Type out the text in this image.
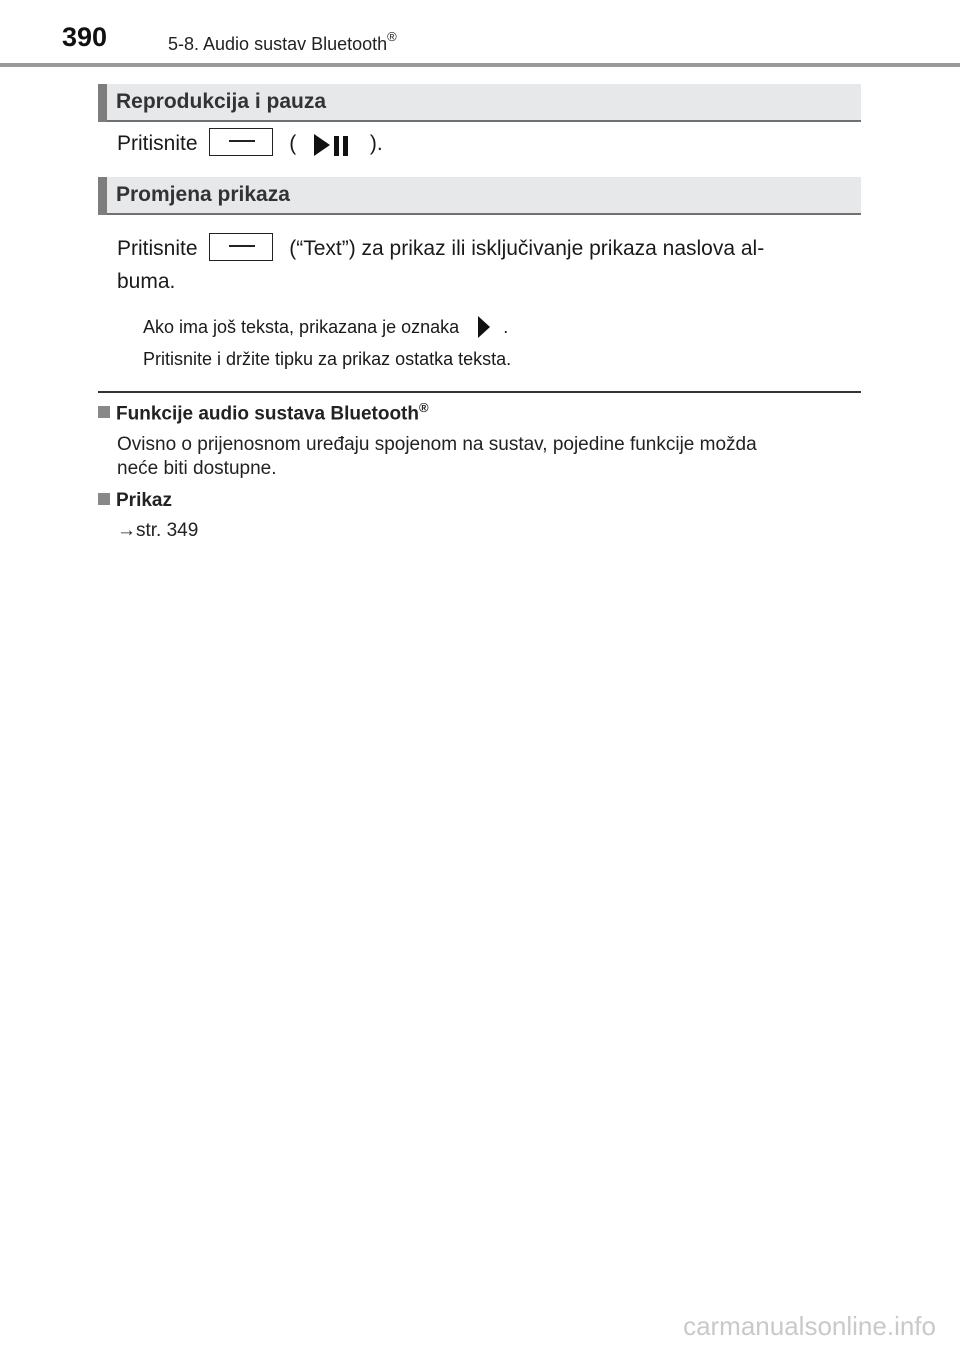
390	5-8. Audio sustav Bluetooth®
Reprodukcija i pauza
Pritisnite	(	).
Promjena prikaza
Pritisnite	(“Text”) za prikaz ili isključivanje prikaza naslova al-
buma.
Ako ima još teksta, prikazana je oznaka .
Pritisnite i držite tipku za prikaz ostatka teksta.
Funkcije audio sustava Bluetooth®
Ovisno o prijenosnom uređaju spojenom na sustav, pojedine funkcije možda
neće biti dostupne.
Prikaz
→str. 349
carmanualsonline.info
